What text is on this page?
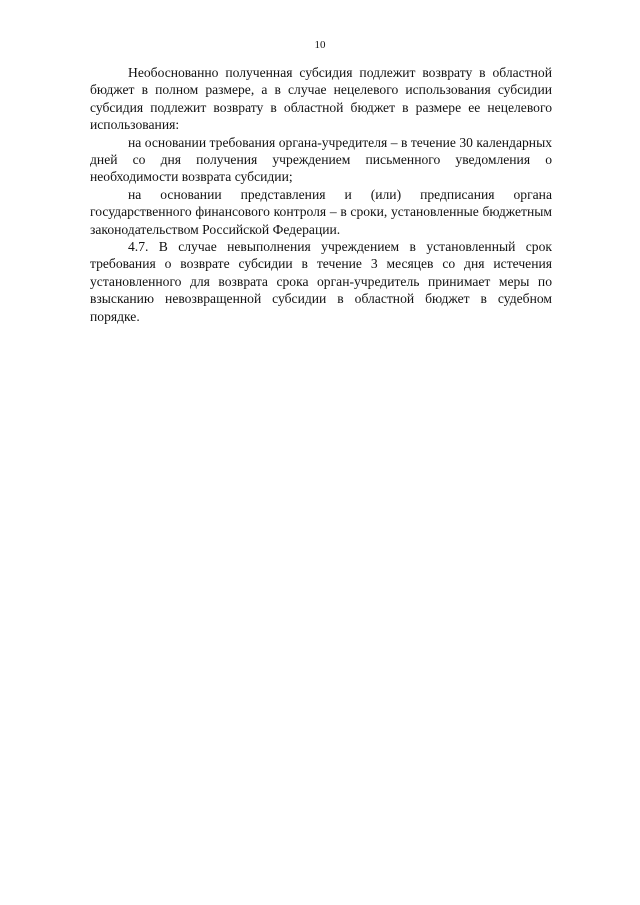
10

Необоснованно полученная субсидия подлежит возврату в областной бюджет в полном размере, а в случае нецелевого использования субсидии субсидия подлежит возврату в областной бюджет в размере ее нецелевого использования:

на основании требования органа-учредителя – в течение 30 календарных дней со дня получения учреждением письменного уведомления о необходимости возврата субсидии;

на основании представления и (или) предписания органа государственного финансового контроля – в сроки, установленные бюджетным законодательством Российской Федерации.

4.7. В случае невыполнения учреждением в установленный срок требования о возврате субсидии в течение 3 месяцев со дня истечения установленного для возврата срока орган-учредитель принимает меры по взысканию невозвращенной субсидии в областной бюджет в судебном порядке.
